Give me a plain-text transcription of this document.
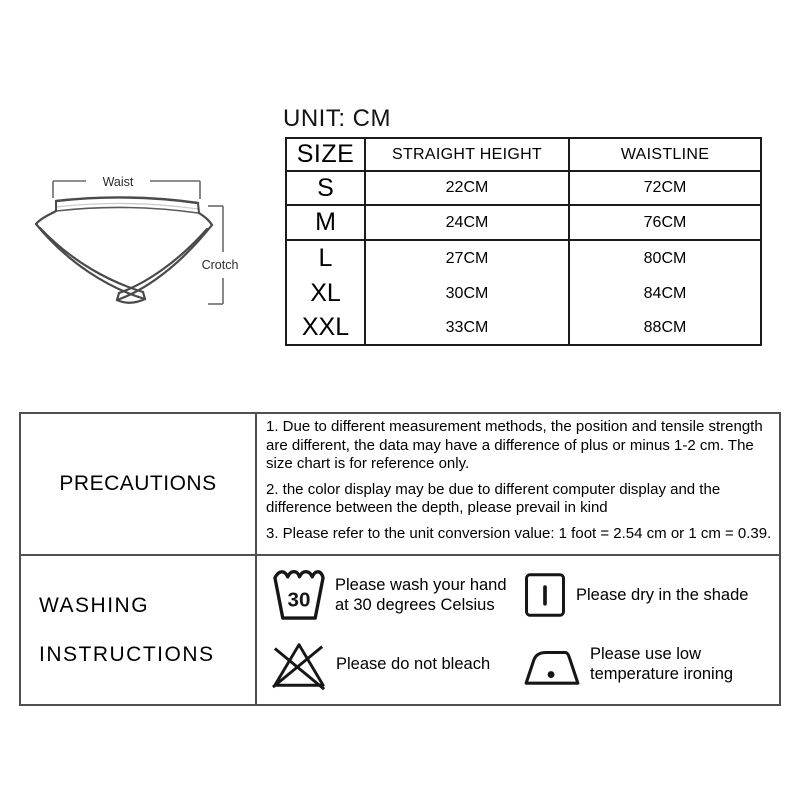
Waist
Crotch
UNIT: CM
SIZE	STRAIGHT HEIGHT	WAISTLINE
S	22CM	72CM
M	24CM	76CM
L	27CM	80CM
XL	30CM	84CM
XXL	33CM	88CM
PRECAUTIONS

1. Due to different measurement methods, the position and tensile strength are different, the data may have a difference of plus or minus 1-2 cm. The size chart is for reference only.

2. the color display may be due to different computer display and the difference between the depth, please prevail in kind

3. Please refer to the unit conversion value: 1 foot = 2.54 cm or 1 cm = 0.39.

WASHING
INSTRUCTIONS
30
Please wash your hand
at 30 degrees Celsius
Please dry in the shade
Please do not bleach
Please use low
temperature ironing
